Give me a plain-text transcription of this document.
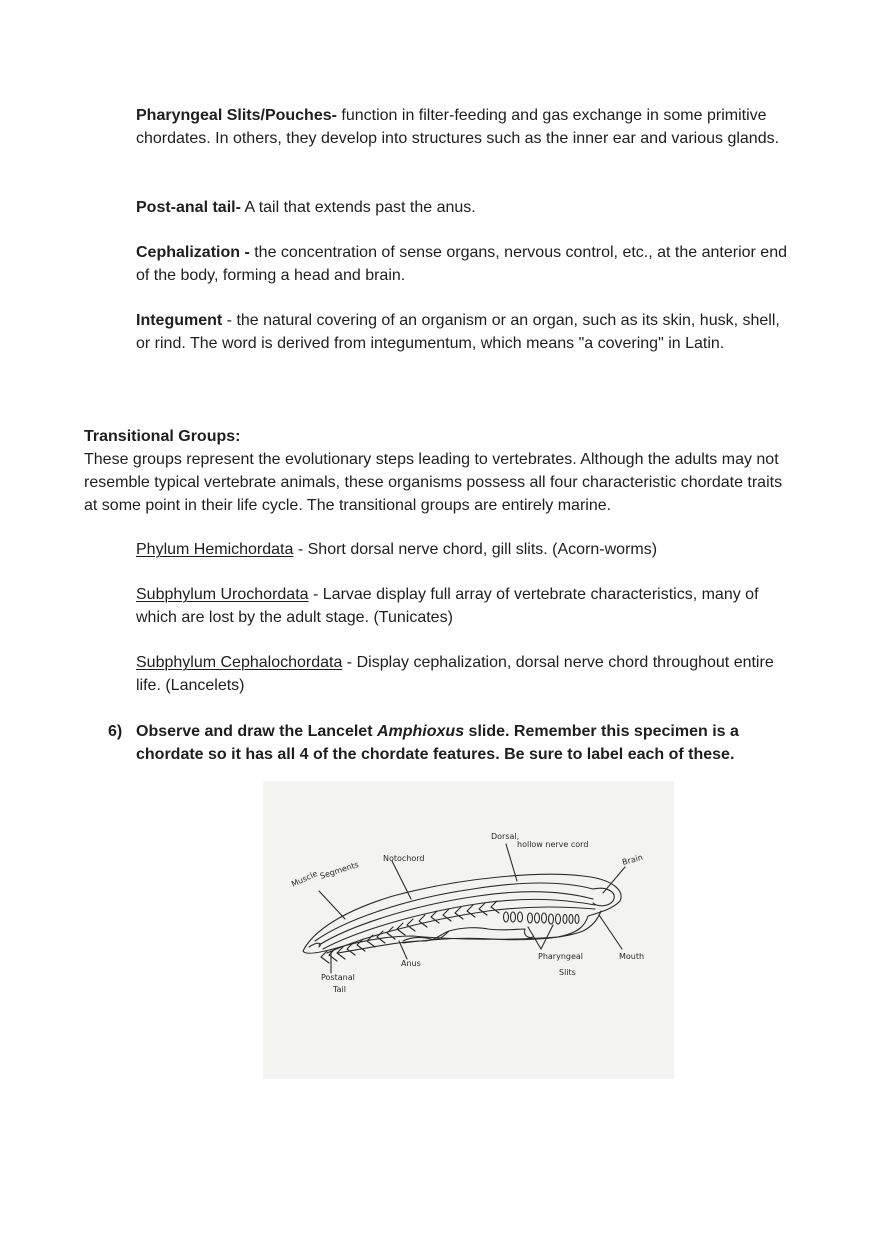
Pharyngeal Slits/Pouches- function in filter-feeding and gas exchange in some primitive chordates. In others, they develop into structures such as the inner ear and various glands.

Post-anal tail- A tail that extends past the anus.

Cephalization - the concentration of sense organs, nervous control, etc., at the anterior end of the body, forming a head and brain.

Integument - the natural covering of an organism or an organ, such as its skin, husk, shell, or rind. The word is derived from integumentum, which means "a covering" in Latin.

Transitional Groups:

These groups represent the evolutionary steps leading to vertebrates. Although the adults may not resemble typical vertebrate animals, these organisms possess all four characteristic chordate traits at some point in their life cycle. The transitional groups are entirely marine.

Phylum Hemichordata - Short dorsal nerve chord, gill slits. (Acorn-worms)

Subphylum Urochordata - Larvae display full array of vertebrate characteristics, many of which are lost by the adult stage. (Tunicates)

Subphylum Cephalochordata - Display cephalization, dorsal nerve chord throughout entire life. (Lancelets)

6) Observe and draw the Lancelet Amphioxus slide. Remember this specimen is a chordate so it has all 4 of the chordate features. Be sure to label each of these.

Dorsal,
hollow nerve cord
Brain
Notochord
Muscle Segments
Mouth
Pharyngeal
Slits
Anus
Postanal
Tail
